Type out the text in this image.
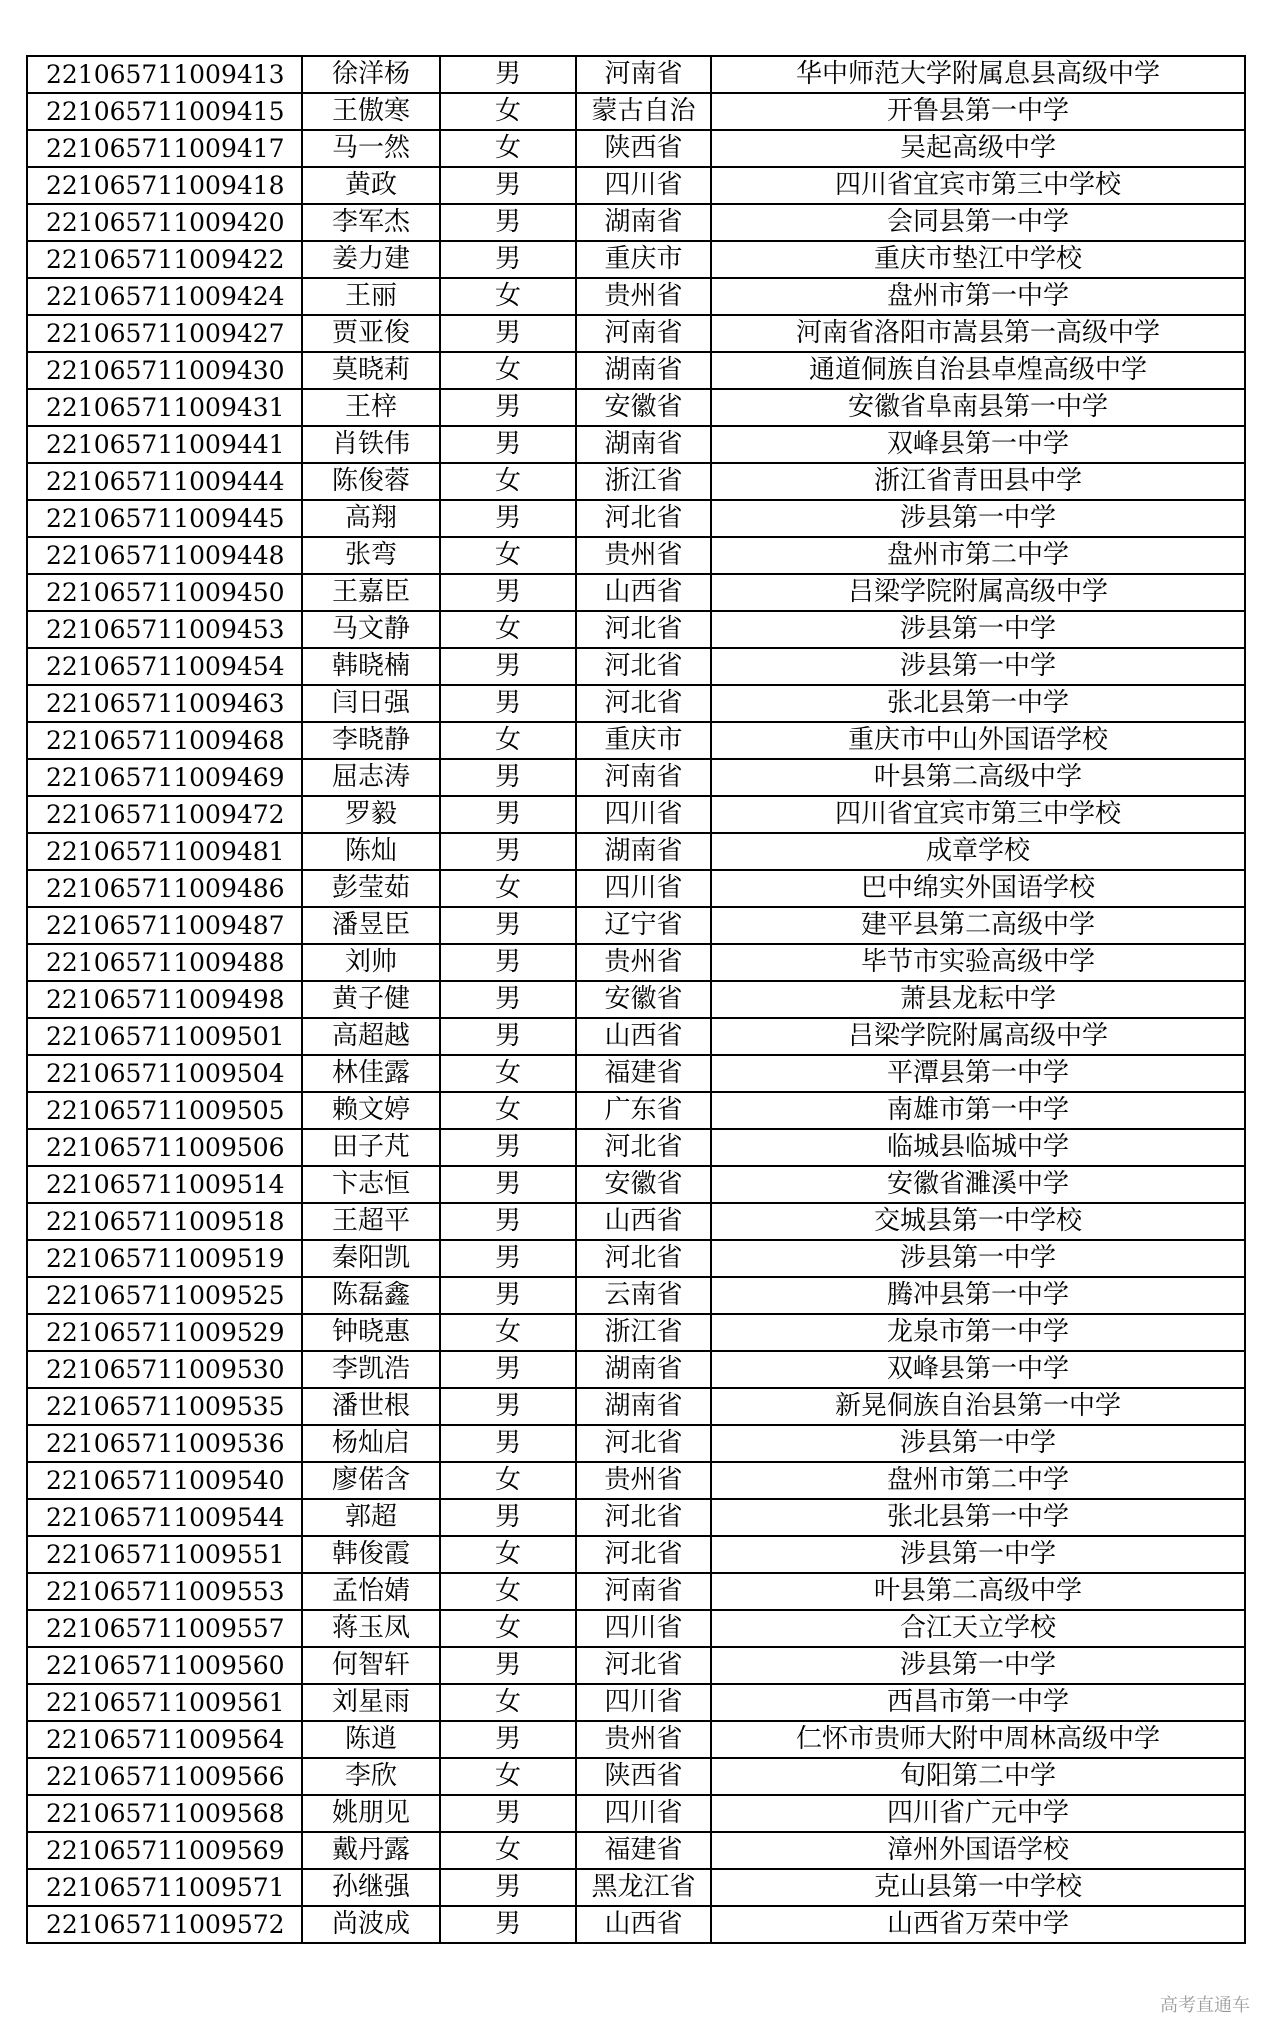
221065711009413	徐洋杨	男	河南省	华中师范大学附属息县高级中学
221065711009415	王傲寒	女	蒙古自治	开鲁县第一中学
221065711009417	马一然	女	陕西省	吴起高级中学
221065711009418	黄政	男	四川省	四川省宜宾市第三中学校
221065711009420	李军杰	男	湖南省	会同县第一中学
221065711009422	姜力建	男	重庆市	重庆市垫江中学校
221065711009424	王丽	女	贵州省	盘州市第一中学
221065711009427	贾亚俊	男	河南省	河南省洛阳市嵩县第一高级中学
221065711009430	莫晓莉	女	湖南省	通道侗族自治县卓煌高级中学
221065711009431	王梓	男	安徽省	安徽省阜南县第一中学
221065711009441	肖铁伟	男	湖南省	双峰县第一中学
221065711009444	陈俊蓉	女	浙江省	浙江省青田县中学
221065711009445	高翔	男	河北省	涉县第一中学
221065711009448	张弯	女	贵州省	盘州市第二中学
221065711009450	王嘉臣	男	山西省	吕梁学院附属高级中学
221065711009453	马文静	女	河北省	涉县第一中学
221065711009454	韩晓楠	男	河北省	涉县第一中学
221065711009463	闫日强	男	河北省	张北县第一中学
221065711009468	李晓静	女	重庆市	重庆市中山外国语学校
221065711009469	屈志涛	男	河南省	叶县第二高级中学
221065711009472	罗毅	男	四川省	四川省宜宾市第三中学校
221065711009481	陈灿	男	湖南省	成章学校
221065711009486	彭莹茹	女	四川省	巴中绵实外国语学校
221065711009487	潘昱臣	男	辽宁省	建平县第二高级中学
221065711009488	刘帅	男	贵州省	毕节市实验高级中学
221065711009498	黄子健	男	安徽省	萧县龙耘中学
221065711009501	高超越	男	山西省	吕梁学院附属高级中学
221065711009504	林佳露	女	福建省	平潭县第一中学
221065711009505	赖文婷	女	广东省	南雄市第一中学
221065711009506	田子芃	男	河北省	临城县临城中学
221065711009514	卞志恒	男	安徽省	安徽省濉溪中学
221065711009518	王超平	男	山西省	交城县第一中学校
221065711009519	秦阳凯	男	河北省	涉县第一中学
221065711009525	陈磊鑫	男	云南省	腾冲县第一中学
221065711009529	钟晓惠	女	浙江省	龙泉市第一中学
221065711009530	李凯浩	男	湖南省	双峰县第一中学
221065711009535	潘世根	男	湖南省	新晃侗族自治县第一中学
221065711009536	杨灿启	男	河北省	涉县第一中学
221065711009540	廖偌含	女	贵州省	盘州市第二中学
221065711009544	郭超	男	河北省	张北县第一中学
221065711009551	韩俊霞	女	河北省	涉县第一中学
221065711009553	孟怡婧	女	河南省	叶县第二高级中学
221065711009557	蒋玉凤	女	四川省	合江天立学校
221065711009560	何智轩	男	河北省	涉县第一中学
221065711009561	刘星雨	女	四川省	西昌市第一中学
221065711009564	陈逍	男	贵州省	仁怀市贵师大附中周林高级中学
221065711009566	李欣	女	陕西省	旬阳第二中学
221065711009568	姚朋见	男	四川省	四川省广元中学
221065711009569	戴丹露	女	福建省	漳州外国语学校
221065711009571	孙继强	男	黑龙江省	克山县第一中学校
221065711009572	尚波成	男	山西省	山西省万荣中学
高考直通车
